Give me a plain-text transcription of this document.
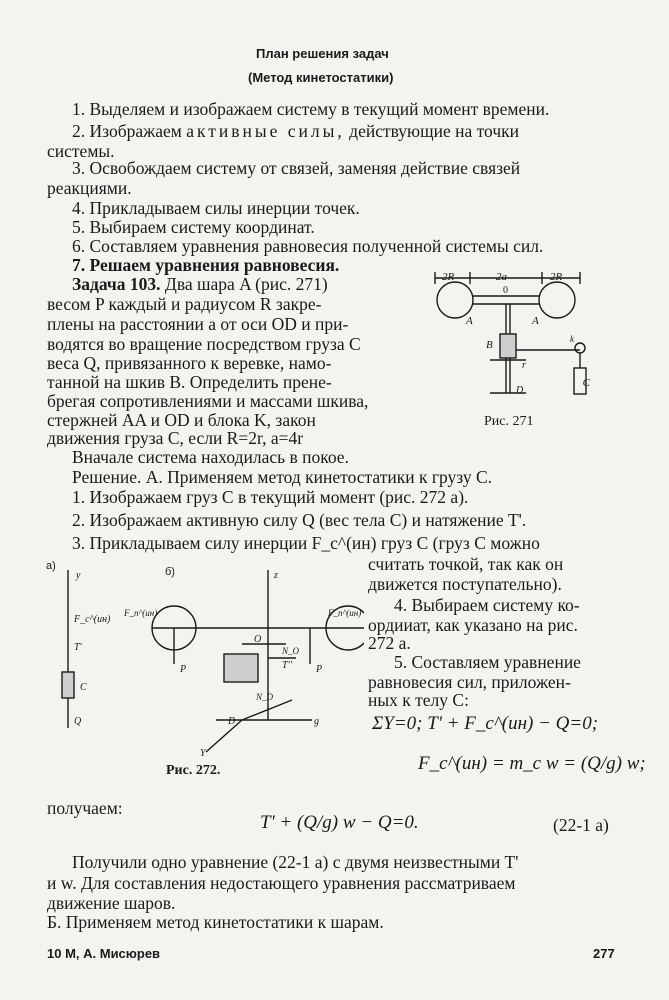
План решения задач
(Метод кинетостатики)
1. Выделяем и изображаем систему в текущий момент времени.
2. Изображаем активные силы, действующие на точки
системы.
3. Освобождаем систему от связей, заменяя действие связей
реакциями.
4. Прикладываем силы инерции точек.
5. Выбираем систему координат.
6. Составляем уравнения равновесия полученной системы сил.
7. Решаем уравнения равновесия.
Задача 103. Два шара A (рис. 271)
весом P каждый и радиусом R закре-
плены на расстоянии a от оси OD и при-
водятся во вращение посредством груза C
веса Q, привязанного к веревке, намо-
танной на шкив B. Определить пренe-
брегая сопротивлениями и массами шкива,
стержней AA и OD и блока K, закон
движения груза C, если R=2r, a=4r
Вначале система находилась в покое.
2R	2a	2R
0
A	A
B
r
D
C
k
Рис. 271
Решение. А. Применяем метод кинетостатики к грузу C.
1. Изображаем груз C в текущий момент (рис. 272 а).
2. Изображаем активную силу Q (вес тела C) и натяжение T'.
3. Прикладываем силу инерции F_c^(ин) груз C (груз C можно
считать точкой, так как он
движется поступательно).
4. Выбираем систему ко-
ордииат, как указано на рис.
272 а.
5. Составляем уравнение
равновесия сил, приложен-
ных к телу C:
а)	б)
y
F_c^(ин)
T'
C
Q
z
F_n^(ин)	F_n^(ин)
O
N_O
T''
P	P
N_D
D	g
Y
Рис. 272.
ΣY=0; T' + F_c^(ин) − Q=0;
F_c^(ин) = m_c w = (Q/g) w;
получаем:
T' + (Q/g) w − Q=0.	(22-1 а)
Получили одно уравнение (22-1 а) с двумя неизвестными T'
и w. Для составления недостающего уравнения рассматриваем
движение шаров.
Б. Применяем метод кинетостатики к шарам.
10 М, А. Мисюрев	277
